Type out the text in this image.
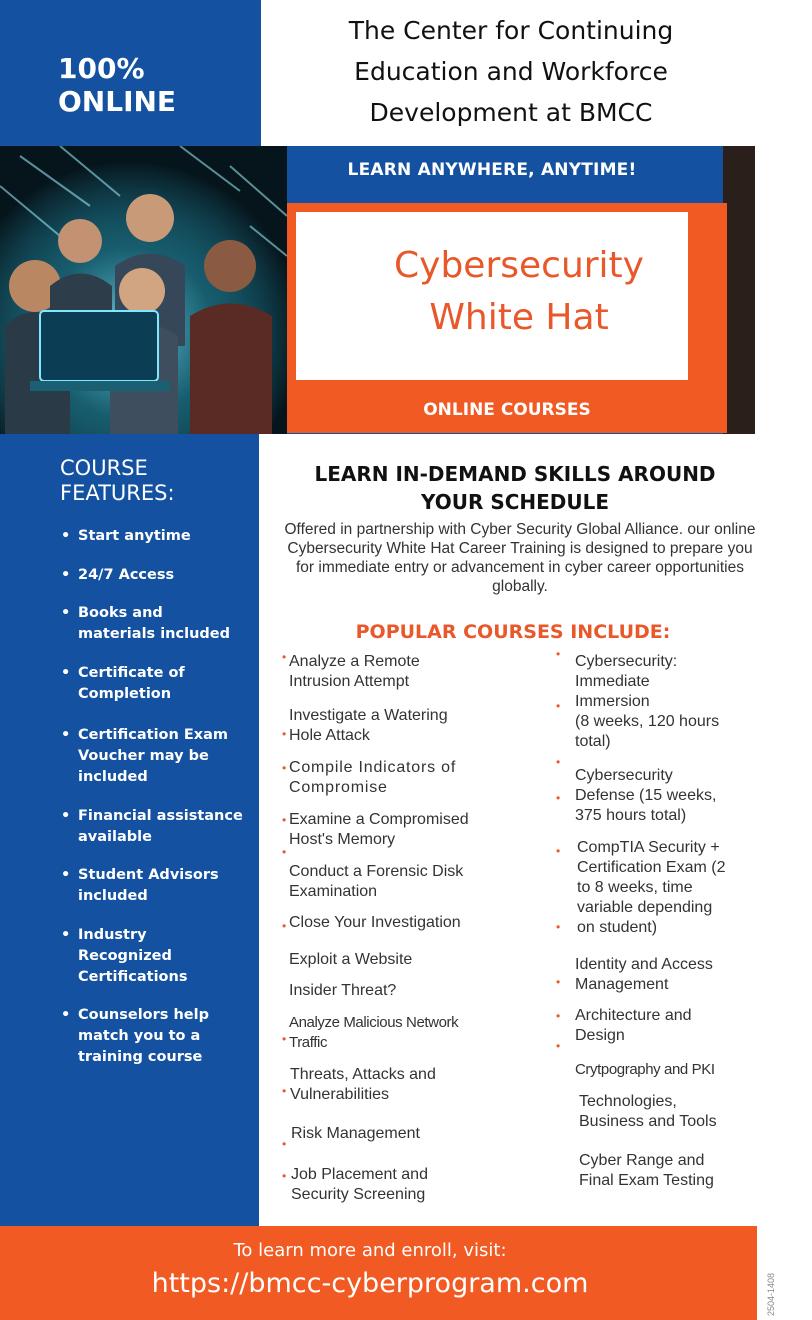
100%
ONLINE
The Center for Continuing Education and Workforce Development at BMCC
LEARN ANYWHERE, ANYTIME!
Cybersecurity
White Hat
ONLINE COURSES
COURSE
FEATURES:
• Start anytime
• 24/7 Access
• Books and
materials included
• Certificate of
Completion
• Certification Exam
Voucher may be
included
• Financial assistance
available
• Student Advisors
included
• Industry
Recognized
Certifications
• Counselors help
match you to a
training course
LEARN IN-DEMAND SKILLS AROUND
YOUR SCHEDULE
Offered in partnership with Cyber Security Global Alliance. our online Cybersecurity White Hat Career Training is designed to prepare you for immediate entry or advancement in cyber career opportunities globally.
POPULAR COURSES INCLUDE:
Analyze a Remote
Intrusion Attempt
Investigate a Watering
Hole Attack
Compile Indicators of
Compromise
Examine a Compromised
Host's Memory
Conduct a Forensic Disk
Examination
Close Your Investigation
Exploit a Website
Insider Threat?
Analyze Malicious Network
Traffic
Threats, Attacks and
Vulnerabilities
Risk Management
Job Placement and
Security Screening
•
•
•
•
•
•
•
•
•
•
Cybersecurity:
Immediate
Immersion
(8 weeks, 120 hours
total)
Cybersecurity
Defense (15 weeks,
375 hours total)
CompTIA Security +
Certification Exam (2
to 8 weeks, time
variable depending
on student)
Identity and Access
Management
Architecture and
Design
Crytpography and PKI
Technologies,
Business and Tools
Cyber Range and
Final Exam Testing
•
•
•
•
•
•
•
•
•
To learn more and enroll, visit:
https://bmcc-cyberprogram.com	2504-1408
